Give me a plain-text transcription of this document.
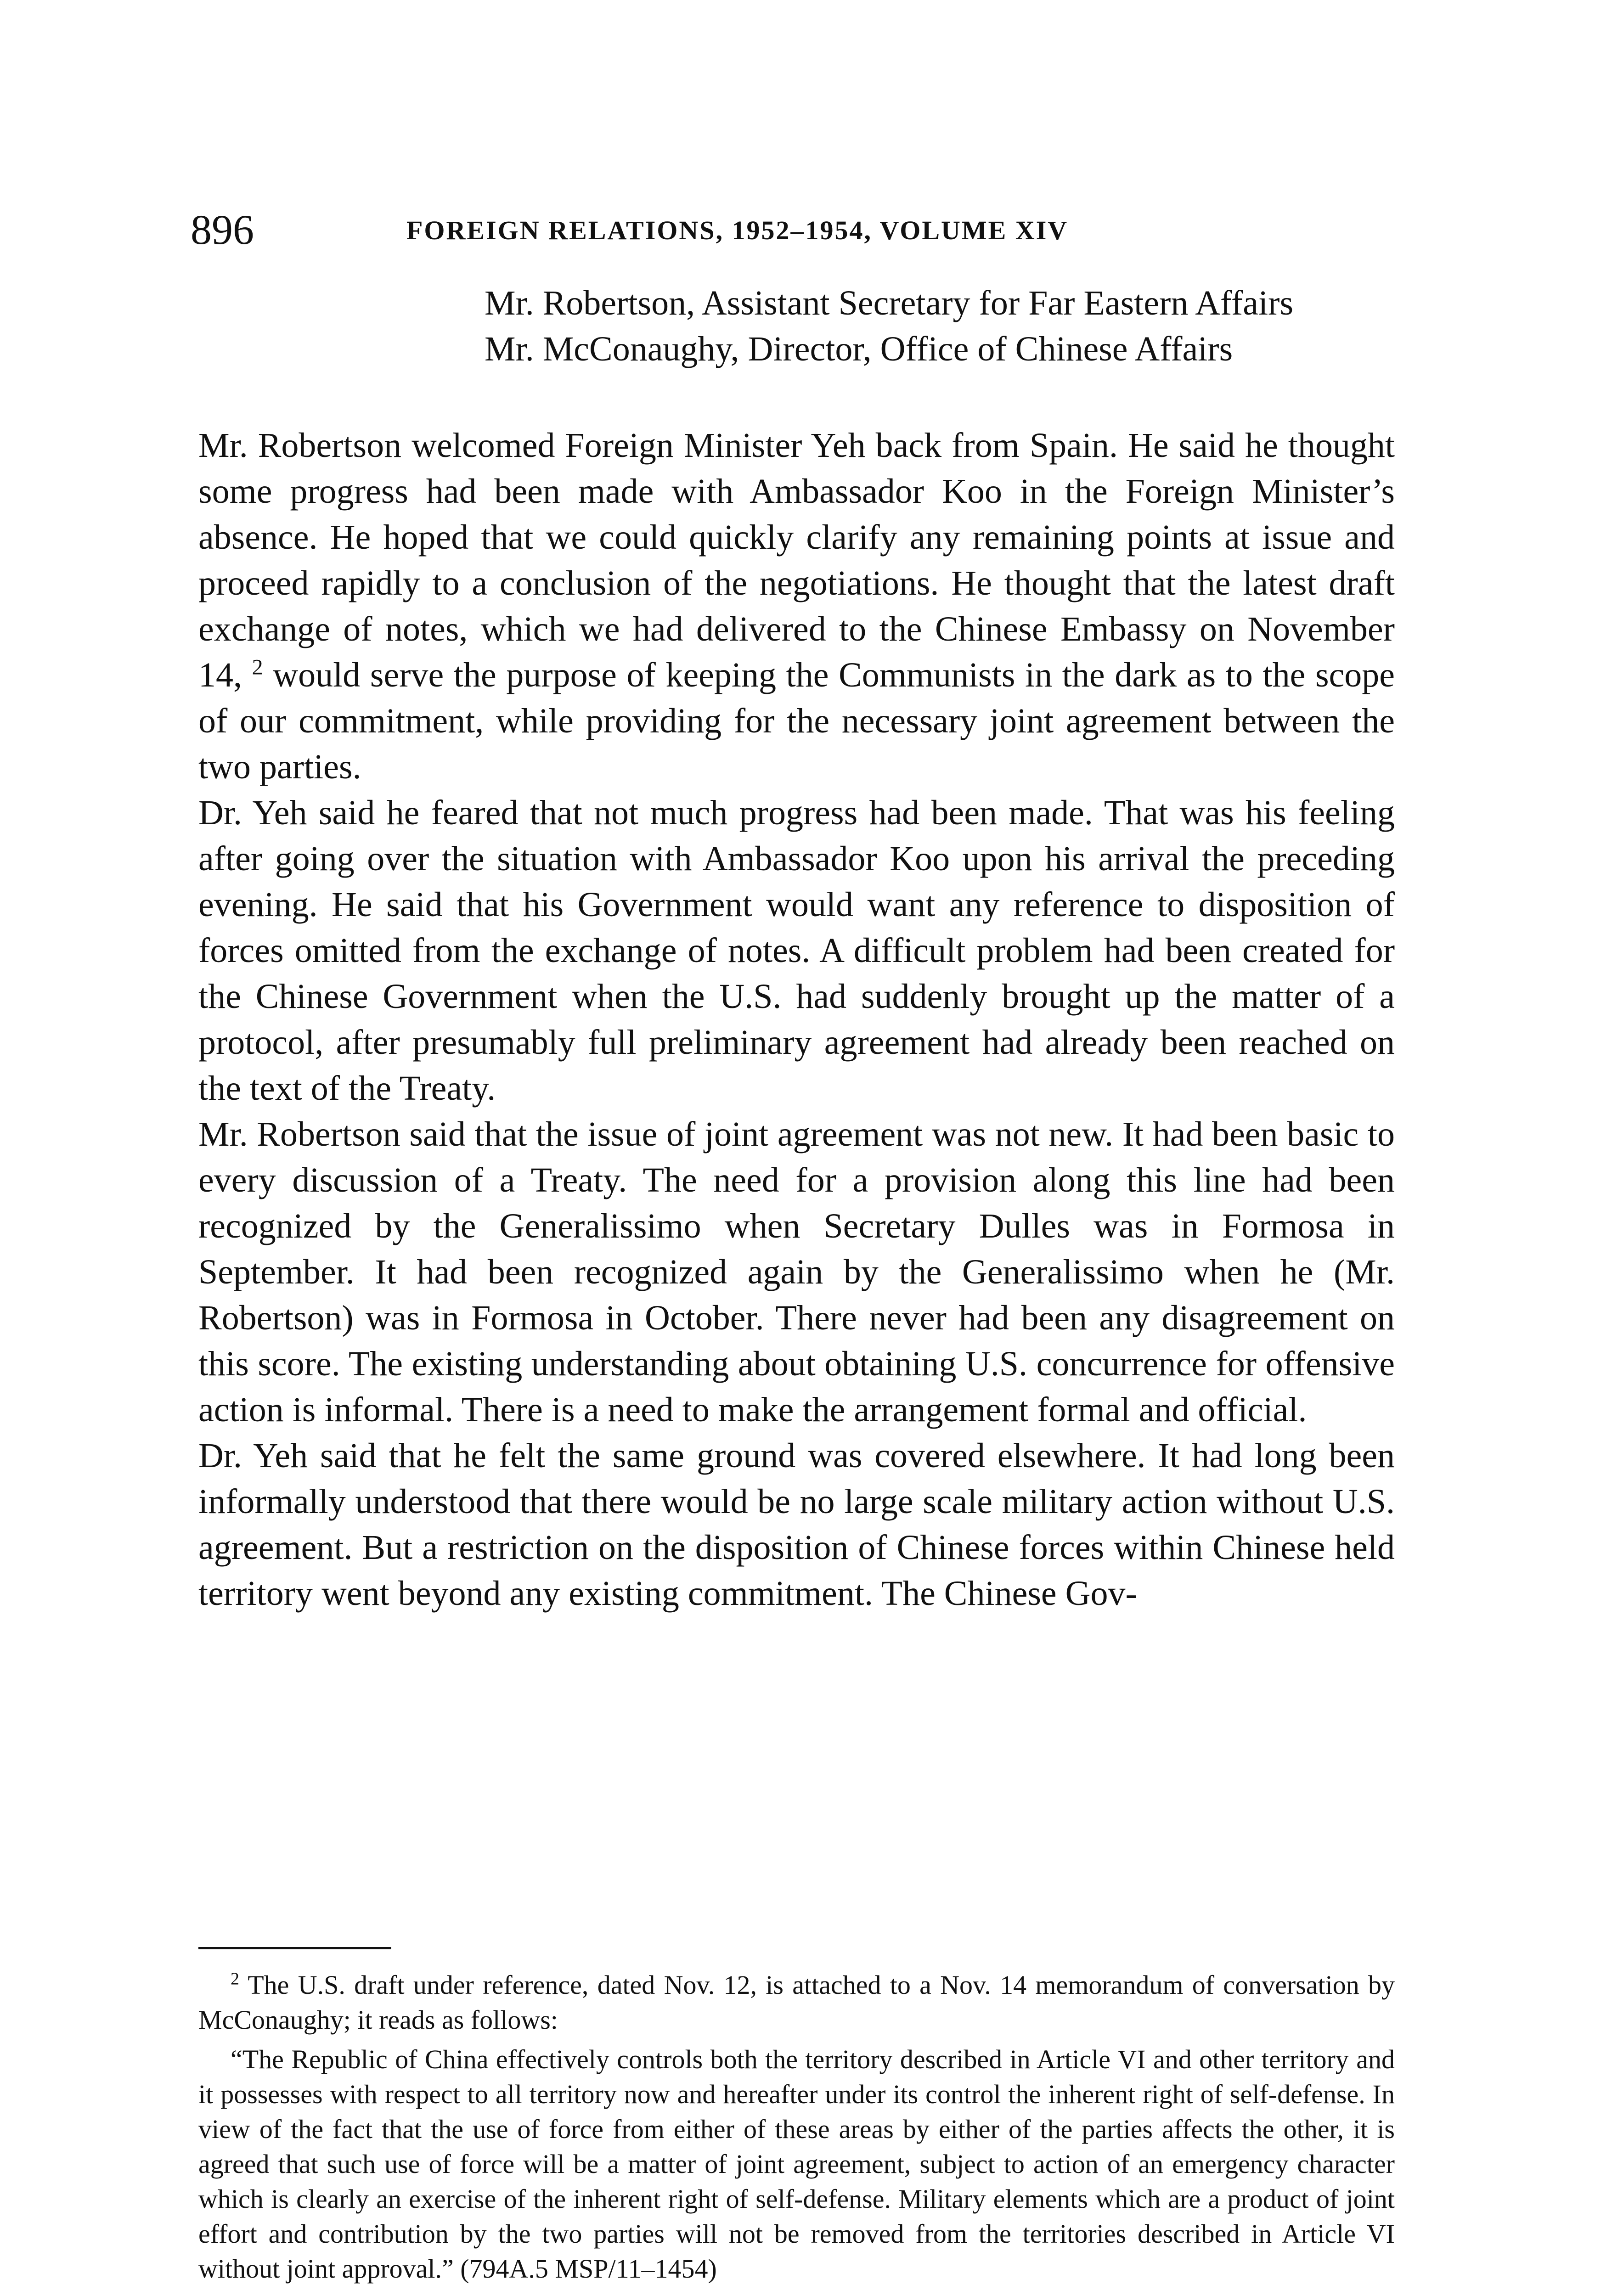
896	FOREIGN RELATIONS, 1952–1954, VOLUME XIV
Mr. Robertson, Assistant Secretary for Far Eastern Affairs
Mr. McConaughy, Director, Office of Chinese Affairs

Mr. Robertson welcomed Foreign Minister Yeh back from Spain. He said he thought some progress had been made with Ambassador Koo in the Foreign Minister’s absence. He hoped that we could quickly clarify any remaining points at issue and proceed rapidly to a conclusion of the negotiations. He thought that the latest draft exchange of notes, which we had delivered to the Chinese Embassy on November 14, $^2$ would serve the purpose of keeping the Communists in the dark as to the scope of our commitment, while providing for the necessary joint agreement between the two parties.

Dr. Yeh said he feared that not much progress had been made. That was his feeling after going over the situation with Ambassador Koo upon his arrival the preceding evening. He said that his Government would want any reference to disposition of forces omitted from the exchange of notes. A difficult problem had been created for the Chinese Government when the U.S. had suddenly brought up the matter of a protocol, after presumably full preliminary agreement had already been reached on the text of the Treaty.

Mr. Robertson said that the issue of joint agreement was not new. It had been basic to every discussion of a Treaty. The need for a provision along this line had been recognized by the Generalissimo when Secretary Dulles was in Formosa in September. It had been recognized again by the Generalissimo when he (Mr. Robertson) was in Formosa in October. There never had been any disagreement on this score. The existing understanding about obtaining U.S. concurrence for offensive action is informal. There is a need to make the arrangement formal and official.

Dr. Yeh said that he felt the same ground was covered elsewhere. It had long been informally understood that there would be no large scale military action without U.S. agreement. But a restriction on the disposition of Chinese forces within Chinese held territory went beyond any existing commitment. The Chinese Gov-

$^2$ The U.S. draft under reference, dated Nov. 12, is attached to a Nov. 14 memorandum of conversation by McConaughy; it reads as follows:

“The Republic of China effectively controls both the territory described in Article VI and other territory and it possesses with respect to all territory now and hereafter under its control the inherent right of self-defense. In view of the fact that the use of force from either of these areas by either of the parties affects the other, it is agreed that such use of force will be a matter of joint agreement, subject to action of an emergency character which is clearly an exercise of the inherent right of self-defense. Military elements which are a product of joint effort and contribution by the two parties will not be removed from the territories described in Article VI without joint approval.” (794A.5 MSP/11–1454)
